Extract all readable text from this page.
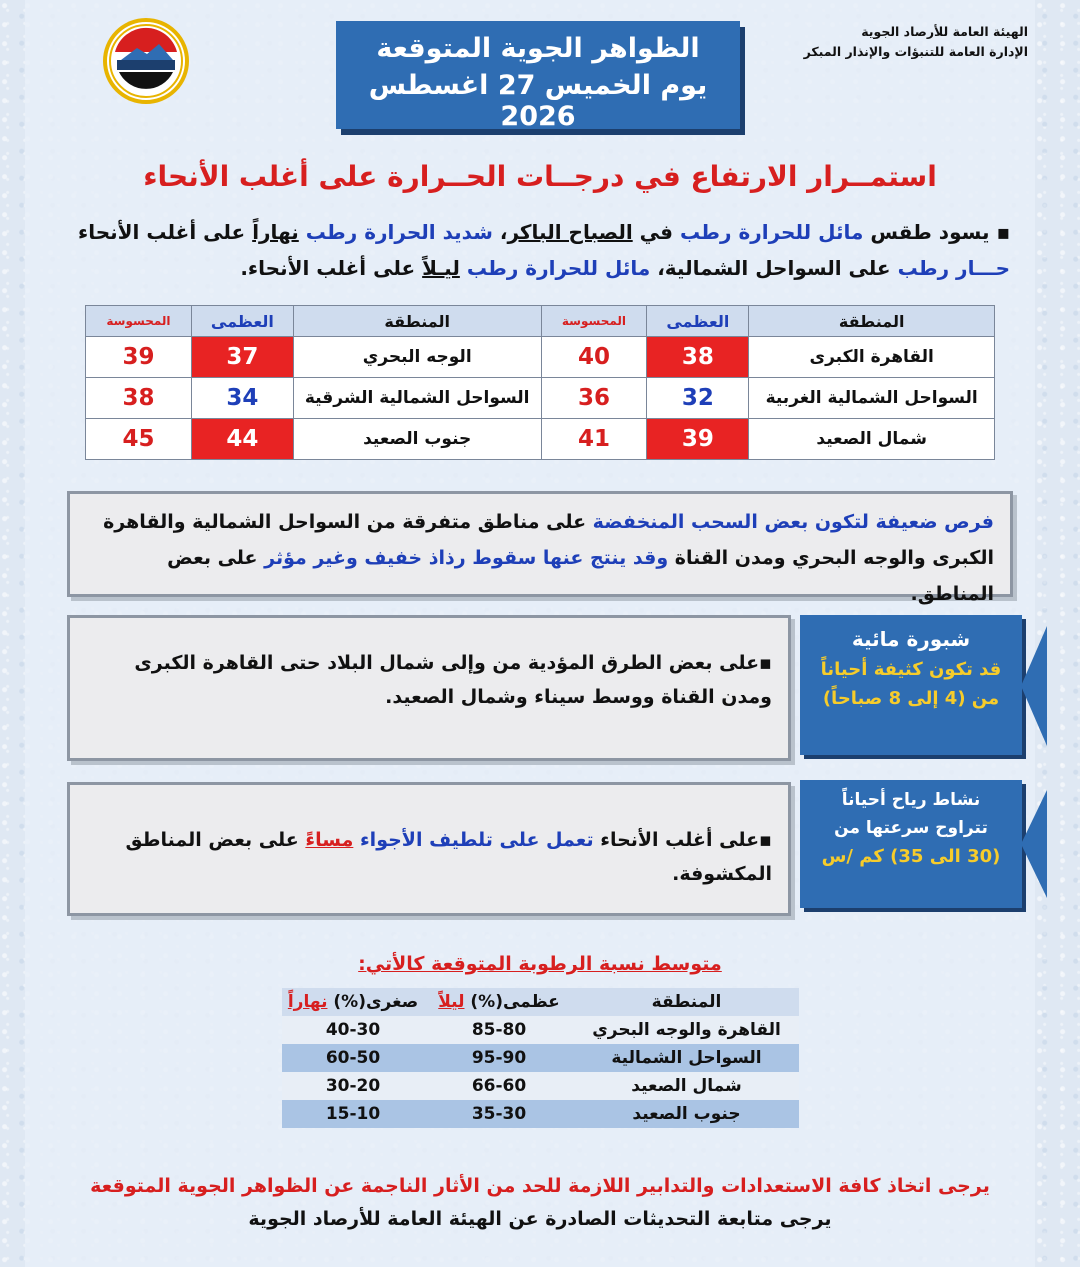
الهيئة العامة للأرصاد الجوية
الإدارة العامة للتنبؤات والإنذار المبكر
الظواهر الجوية المتوقعة
يوم الخميس 27 اغسطس 2026
استمــرار الارتفاع في درجــات الحــرارة على أغلب الأنحاء
▪ يسود طقس مائل للحرارة رطب في الصباح الباكر، شديد الحرارة رطب نهاراً على أغلب الأنحاء
حـــار رطب على السواحل الشمالية، مائل للحرارة رطب ليـلاً على أغلب الأنحاء.
المنطقة	العظمى	المحسوسة	المنطقة	العظمى	المحسوسة
القاهرة الكبرى	38	40	الوجه البحري	37	39
السواحل الشمالية الغربية	32	36	السواحل الشمالية الشرقية	34	38
شمال الصعيد	39	41	جنوب الصعيد	44	45
فرص ضعيفة لتكون بعض السحب المنخفضة على مناطق متفرقة من السواحل الشمالية والقاهرة الكبرى والوجه البحري ومدن القناة وقد ينتج عنها سقوط رذاذ خفيف وغير مؤثر على بعض المناطق.
▪على بعض الطرق المؤدية من وإلى شمال البلاد حتى القاهرة الكبرى ومدن القناة ووسط سيناء وشمال الصعيد.
شبورة مائية
قد تكون كثيفة أحياناً
من (4 إلى 8 صباحاً)
▪على أغلب الأنحاء تعمل على تلطيف الأجواء مساءً على بعض المناطق المكشوفة.
نشاط رياح أحياناً
تتراوح سرعتها من
(30 الى 35) كم /س
متوسط نسبة الرطوبة المتوقعة كالأتي:
المنطقة	عظمى(%) ليلاً	صغرى(%) نهاراً
القاهرة والوجه البحري	85-80	40-30
السواحل الشمالية	95-90	60-50
شمال الصعيد	66-60	30-20
جنوب الصعيد	35-30	15-10
يرجى اتخاذ كافة الاستعدادات والتدابير اللازمة للحد من الأثار الناجمة عن الظواهر الجوية المتوقعة
يرجى متابعة التحديثات الصادرة عن الهيئة العامة للأرصاد الجوية
